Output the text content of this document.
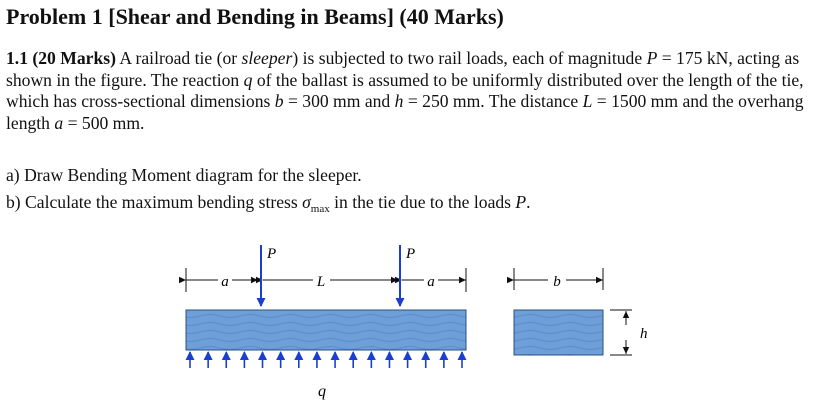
Problem 1 [Shear and Bending in Beams] (40 Marks)
1.1 (20 Marks) A railroad tie (or sleeper) is subjected to two rail loads, each of magnitude P = 175 kN, acting as shown in the figure. The reaction q of the ballast is assumed to be uniformly distributed over the length of the tie, which has cross-sectional dimensions b = 300 mm and h = 250 mm. The distance L = 1500 mm and the overhang length a = 500 mm.
a) Draw Bending Moment diagram for the sleeper.
b) Calculate the maximum bending stress $\sigma_{max}$ in the tie due to the loads P.
a	L	a
P	P
q
b
h
